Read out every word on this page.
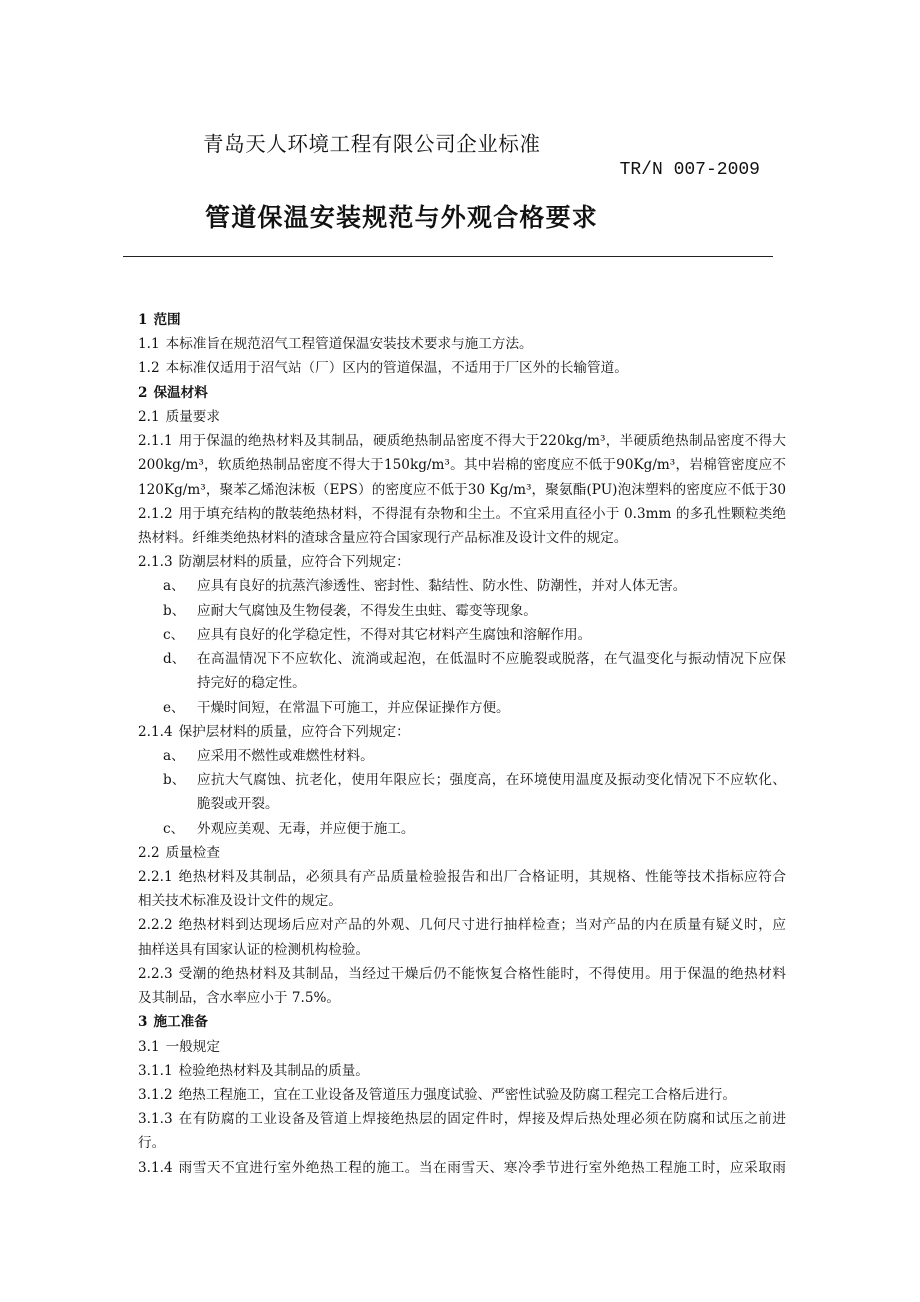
青岛天人环境工程有限公司企业标准
TR/N 007-2009
管道保温安装规范与外观合格要求
1 范围
1.1 本标准旨在规范沼气工程管道保温安装技术要求与施工方法。
1.2 本标准仅适用于沼气站（厂）区内的管道保温，不适用于厂区外的长输管道。
2 保温材料
2.1 质量要求
2.1.1 用于保温的绝热材料及其制品，硬质绝热制品密度不得大于220kg/m³，半硬质绝热制品密度不得大
200kg/m³，软质绝热制品密度不得大于150kg/m³。其中岩棉的密度应不低于90Kg/m³，岩棉管密度应不
120Kg/m³，聚苯乙烯泡沫板（EPS）的密度应不低于30 Kg/m³，聚氨酯(PU)泡沫塑料的密度应不低于30
2.1.2 用于填充结构的散装绝热材料，不得混有杂物和尘土。不宜采用直径小于 0.3mm 的多孔性颗粒类绝
热材料。纤维类绝热材料的渣球含量应符合国家现行产品标准及设计文件的规定。
2.1.3 防潮层材料的质量，应符合下列规定：
a、 应具有良好的抗蒸汽渗透性、密封性、黏结性、防水性、防潮性，并对人体无害。
b、 应耐大气腐蚀及生物侵袭，不得发生虫蛀、霉变等现象。
c、 应具有良好的化学稳定性，不得对其它材料产生腐蚀和溶解作用。
d、 在高温情况下不应软化、流淌或起泡，在低温时不应脆裂或脱落，在气温变化与振动情况下应保
持完好的稳定性。
e、 干燥时间短，在常温下可施工，并应保证操作方便。
2.1.4 保护层材料的质量，应符合下列规定：
a、 应采用不燃性或难燃性材料。
b、 应抗大气腐蚀、抗老化，使用年限应长；强度高，在环境使用温度及振动变化情况下不应软化、
脆裂或开裂。
c、 外观应美观、无毒，并应便于施工。
2.2 质量检查
2.2.1 绝热材料及其制品，必须具有产品质量检验报告和出厂合格证明，其规格、性能等技术指标应符合
相关技术标准及设计文件的规定。
2.2.2 绝热材料到达现场后应对产品的外观、几何尺寸进行抽样检查；当对产品的内在质量有疑义时，应
抽样送具有国家认证的检测机构检验。
2.2.3 受潮的绝热材料及其制品，当经过干燥后仍不能恢复合格性能时，不得使用。用于保温的绝热材料
及其制品，含水率应小于 7.5%。
3 施工准备
3.1 一般规定
3.1.1 检验绝热材料及其制品的质量。
3.1.2 绝热工程施工，宜在工业设备及管道压力强度试验、严密性试验及防腐工程完工合格后进行。
3.1.3 在有防腐的工业设备及管道上焊接绝热层的固定件时，焊接及焊后热处理必须在防腐和试压之前进
行。
3.1.4 雨雪天不宜进行室外绝热工程的施工。当在雨雪天、寒冷季节进行室外绝热工程施工时，应采取雨
